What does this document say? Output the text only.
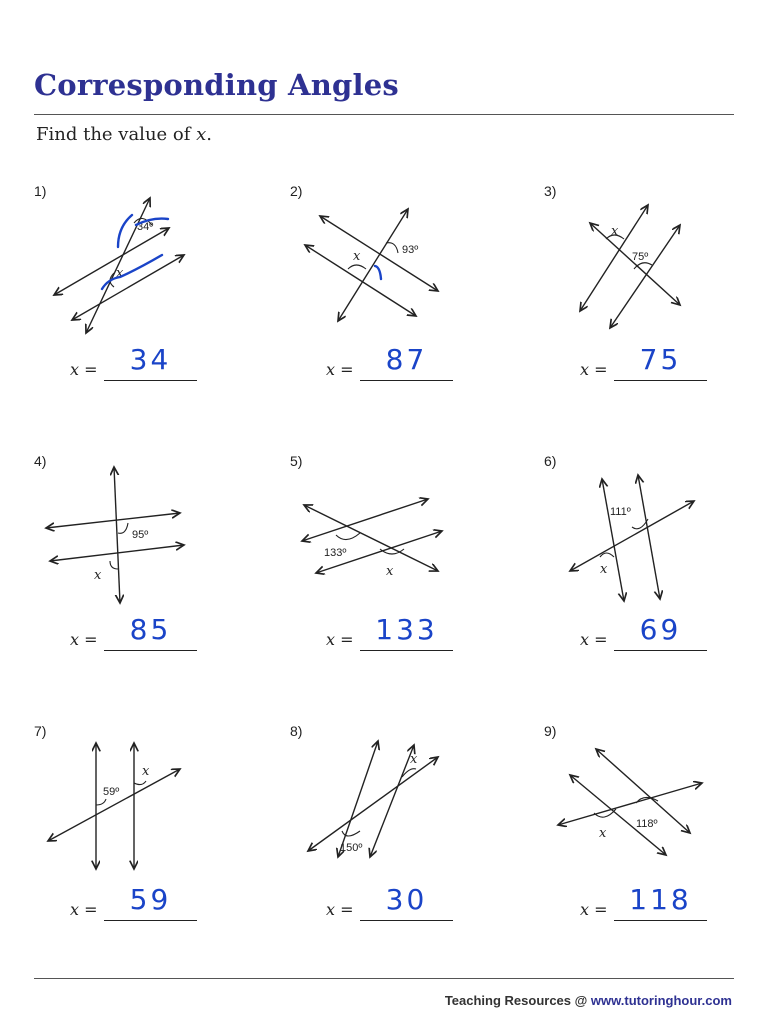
Corresponding Angles
Find the value of x.
1)
34º
x
x =	34
2)
93º
x
x =	87
3)
x
75º
x =	75
4)
95º
x
x =	85
5)
133º
x
x = 133
6)
111º
x
x =	69
7)
59º
x
x =	59
8)
150º
x
x =	30
9)
x
118º
x = 118
Teaching Resources @ www.tutoringhour.com
